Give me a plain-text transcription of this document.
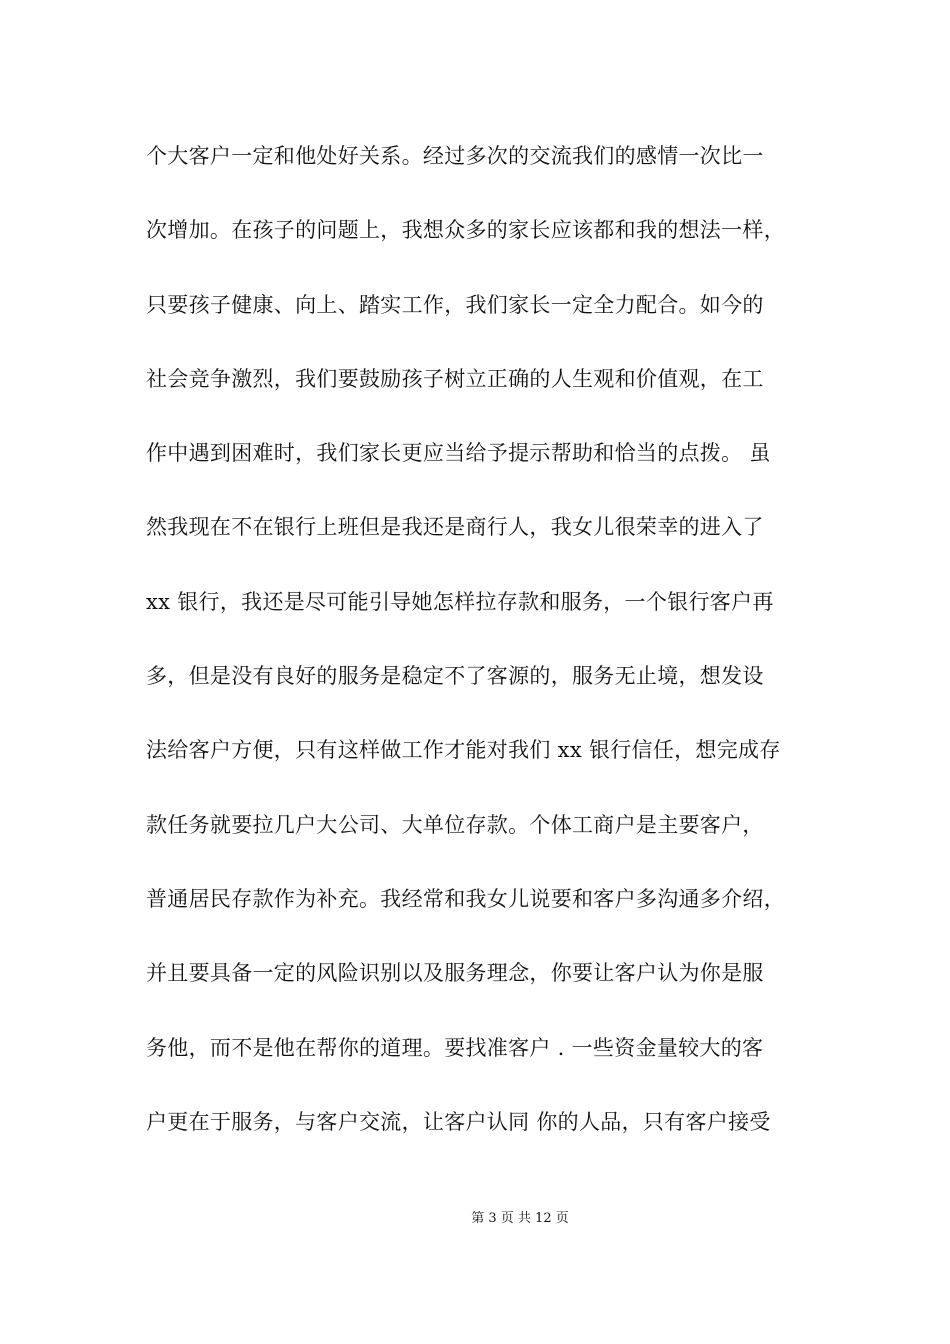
个大客户一定和他处好关系。经过多次的交流我们的感情一次比一
次增加。在孩子的问题上，我想众多的家长应该都和我的想法一样，
只要孩子健康、向上、踏实工作，我们家长一定全力配合。如今的
社会竞争激烈，我们要鼓励孩子树立正确的人生观和价值观，在工
作中遇到困难时，我们家长更应当给予提示帮助和恰当的点拨。 虽
然我现在不在银行上班但是我还是商行人，我女儿很荣幸的进入了
xx 银行，我还是尽可能引导她怎样拉存款和服务，一个银行客户再
多，但是没有良好的服务是稳定不了客源的，服务无止境，想发设
法给客户方便，只有这样做工作才能对我们 xx 银行信任，想完成存
款任务就要拉几户大公司、大单位存款。个体工商户是主要客户，
普通居民存款作为补充。我经常和我女儿说要和客户多沟通多介绍，
并且要具备一定的风险识别以及服务理念，你要让客户认为你是服
务他，而不是他在帮你的道理。要找准客户 . 一些资金量较大的客
户更在于服务，与客户交流，让客户认同 你的人品，只有客户接受
第 3 页 共 12 页
